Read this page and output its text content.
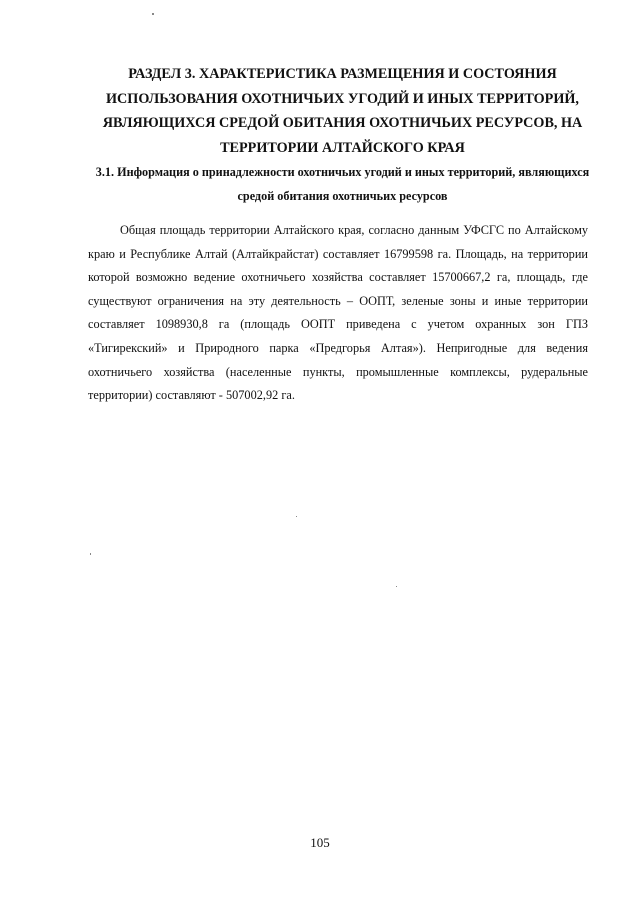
РАЗДЕЛ 3. ХАРАКТЕРИСТИКА РАЗМЕЩЕНИЯ И СОСТОЯНИЯ ИСПОЛЬЗОВАНИЯ ОХОТНИЧЬИХ УГОДИЙ И ИНЫХ ТЕРРИТОРИЙ, ЯВЛЯЮЩИХСЯ СРЕДОЙ ОБИТАНИЯ ОХОТНИЧЬИХ РЕСУРСОВ, НА ТЕРРИТОРИИ АЛТАЙСКОГО КРАЯ
3.1. Информация о принадлежности охотничьих угодий и иных территорий, являющихся средой обитания охотничьих ресурсов

Общая площадь территории Алтайского края, согласно данным УФСГС по Алтайскому краю и Республике Алтай (Алтайкрайстат) составляет 16799598 га. Площадь, на территории которой возможно ведение охотничьего хозяйства составляет 15700667,2 га, площадь, где существуют ограничения на эту деятельность – ООПТ, зеленые зоны и иные территории составляет 1098930,8 га (площадь ООПТ приведена с учетом охранных зон ГПЗ «Тигирекский» и Природного парка «Предгорья Алтая»). Непригодные для ведения охотничьего хозяйства (населенные пункты, промышленные комплексы, рудеральные территории) составляют - 507002,92 га.

105
